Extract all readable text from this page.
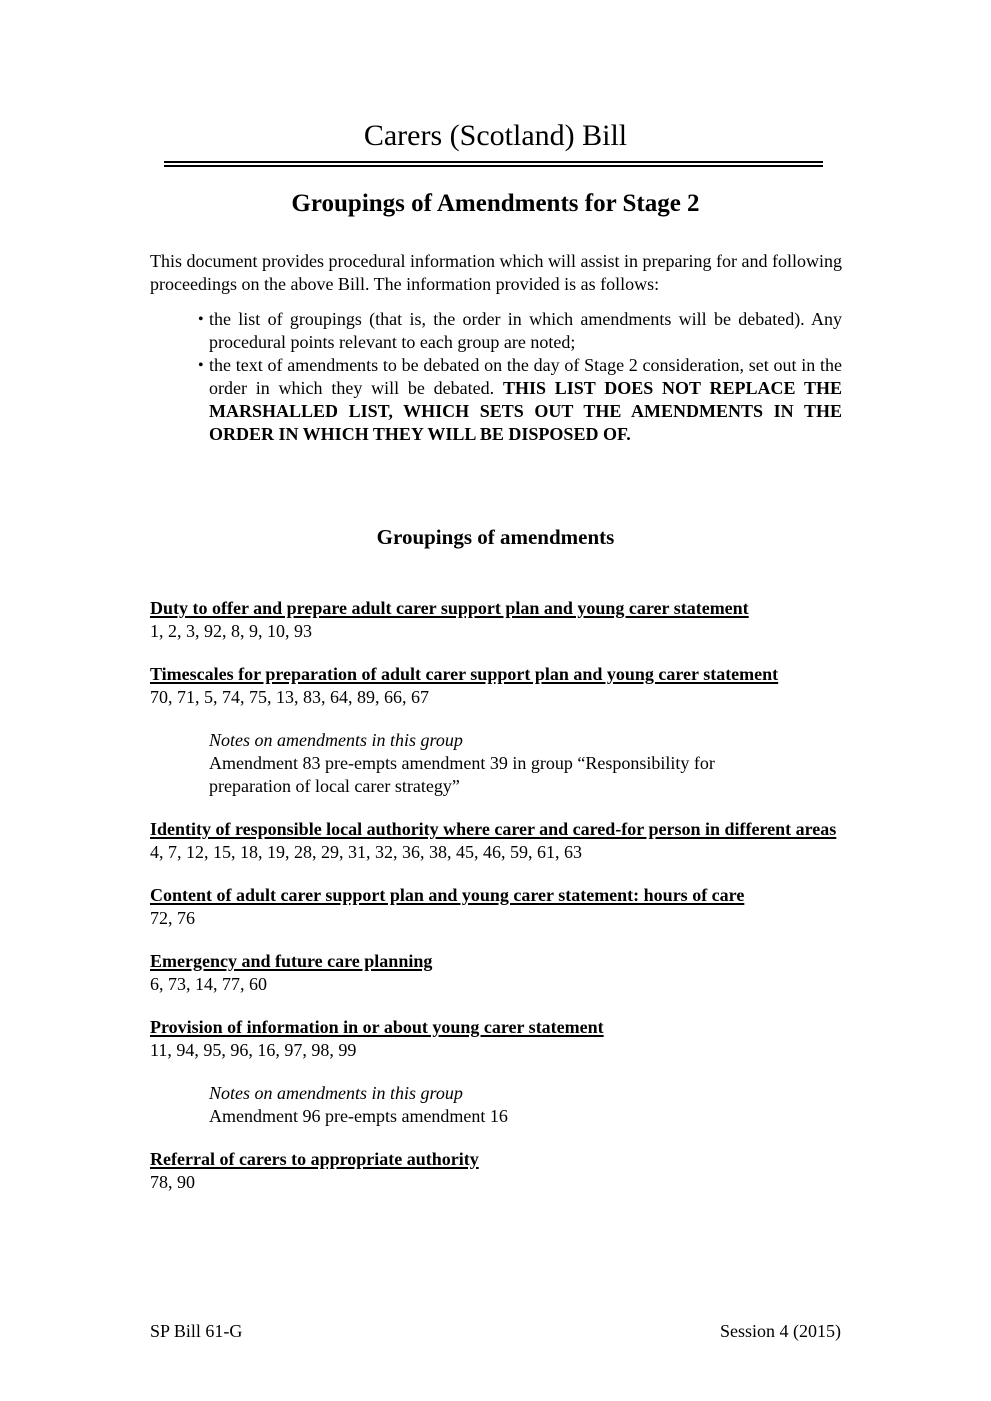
Carers (Scotland) Bill
Groupings of Amendments for Stage 2

This document provides procedural information which will assist in preparing for and following proceedings on the above Bill. The information provided is as follows:

• the list of groupings (that is, the order in which amendments will be debated). Any procedural points relevant to each group are noted;
• the text of amendments to be debated on the day of Stage 2 consideration, set out in the order in which they will be debated. THIS LIST DOES NOT REPLACE THE MARSHALLED LIST, WHICH SETS OUT THE AMENDMENTS IN THE ORDER IN WHICH THEY WILL BE DISPOSED OF.
Groupings of amendments
Duty to offer and prepare adult carer support plan and young carer statement
1, 2, 3, 92, 8, 9, 10, 93
Timescales for preparation of adult carer support plan and young carer statement
70, 71, 5, 74, 75, 13, 83, 64, 89, 66, 67
Notes on amendments in this group
Amendment 83 pre-empts amendment 39 in group “Responsibility for preparation of local carer strategy”
Identity of responsible local authority where carer and cared-for person in different areas
4, 7, 12, 15, 18, 19, 28, 29, 31, 32, 36, 38, 45, 46, 59, 61, 63
Content of adult carer support plan and young carer statement: hours of care
72, 76
Emergency and future care planning
6, 73, 14, 77, 60
Provision of information in or about young carer statement
11, 94, 95, 96, 16, 97, 98, 99
Notes on amendments in this group
Amendment 96 pre-empts amendment 16
Referral of carers to appropriate authority
78, 90
SP Bill 61-G	Session 4 (2015)
